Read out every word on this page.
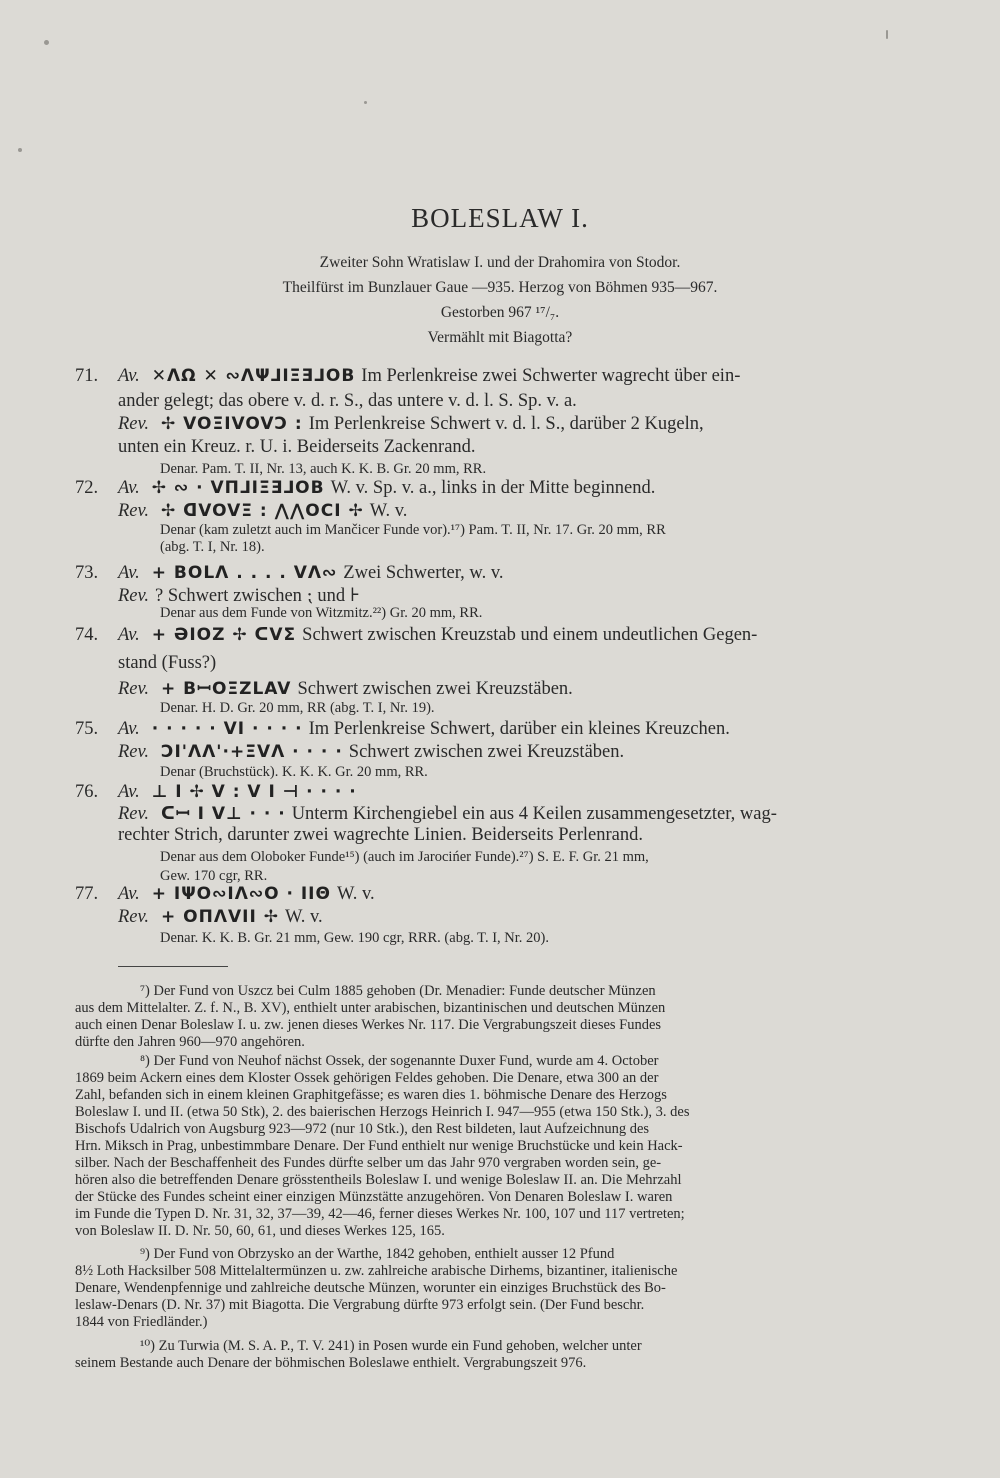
BOLESLAW I.
Zweiter Sohn Wratislaw I. und der Drahomira von Stodor.
Theilfürst im Bunzlauer Gaue —935. Herzog von Böhmen 935—967.
Gestorben 967 ¹⁷/₇.
Vermählt mit Biagotta?
71. Av. ✕ΛΩ ✕ ∾ΛΨ⅃ΙΞƎ⅃OB Im Perlenkreise zwei Schwerter wagrecht über ein-
ander gelegt; das obere v. d. r. S., das untere v. d. l. S. Sp. v. a.
Rev. ✢ VOΞΙVOVƆ : Im Perlenkreise Schwert v. d. l. S., darüber 2 Kugeln,
unten ein Kreuz. r. U. i. Beiderseits Zackenrand.
Denar. Pam. T. II, Nr. 13, auch K. K. B. Gr. 20 mm, RR.
72. Av. ✢ ∾ · VΠ⅃ΙΞƎ⅃OB W. v. Sp. v. a., links in der Mitte beginnend.
Rev. ✢ ᗡVOVΞ : ⋀⋀OCI ✢ W. v.
Denar (kam zuletzt auch im Mančicer Funde vor).¹⁷) Pam. T. II, Nr. 17. Gr. 20 mm, RR
(abg. T. I, Nr. 18).
73. Av. + BOLΛ . . . . VΛ∾ Zwei Schwerter, w. v.
Rev. ? Schwert zwischen ⁏ und ⊦
Denar aus dem Funde von Witzmitz.²²) Gr. 20 mm, RR.
74. Av. + ƏIOZ ✢ ᑕVΣ Schwert zwischen Kreuzstab und einem undeutlichen Gegen-
stand (Fuss?)
Rev. + BꟷOΞZLAV Schwert zwischen zwei Kreuzstäben.
Denar. H. D. Gr. 20 mm, RR (abg. T. I, Nr. 19).
75. Av. · · · · · VΙ · · · · Im Perlenkreise Schwert, darüber ein kleines Kreuzchen.
Rev. ƆΙ'ΛΛ'·+ΞVΛ · · · · Schwert zwischen zwei Kreuzstäben.
Denar (Bruchstück). K. K. K. Gr. 20 mm, RR.
76. Av. ⊥ I ✢ V : V I ⊣ · · · ·
Rev. ᑕꟷ I V⊥ · · · Unterm Kirchengiebel ein aus 4 Keilen zusammengesetzter, wag-
rechter Strich, darunter zwei wagrechte Linien. Beiderseits Perlenrand.
Denar aus dem Oloboker Funde¹⁵) (auch im Jarocińer Funde).²⁷) S. E. F. Gr. 21 mm,
Gew. 170 cgr, RR.
77. Av. + IΨO∾IΛ∾O · IIΘ W. v.
Rev. + OΠΛVII ✢ W. v.
Denar. K. K. B. Gr. 21 mm, Gew. 190 cgr, RRR. (abg. T. I, Nr. 20).
⁷) Der Fund von Uszcz bei Culm 1885 gehoben (Dr. Menadier: Funde deutscher Münzen
aus dem Mittelalter. Z. f. N., B. XV), enthielt unter arabischen, bizantinischen und deutschen Münzen
auch einen Denar Boleslaw I. u. zw. jenen dieses Werkes Nr. 117. Die Vergrabungszeit dieses Fundes
dürfte den Jahren 960—970 angehören.
⁸) Der Fund von Neuhof nächst Ossek, der sogenannte Duxer Fund, wurde am 4. October
1869 beim Ackern eines dem Kloster Ossek gehörigen Feldes gehoben. Die Denare, etwa 300 an der
Zahl, befanden sich in einem kleinen Graphitgefässe; es waren dies 1. böhmische Denare des Herzogs
Boleslaw I. und II. (etwa 50 Stk), 2. des baierischen Herzogs Heinrich I. 947—955 (etwa 150 Stk.), 3. des
Bischofs Udalrich von Augsburg 923—972 (nur 10 Stk.), den Rest bildeten, laut Aufzeichnung des
Hrn. Miksch in Prag, unbestimmbare Denare. Der Fund enthielt nur wenige Bruchstücke und kein Hack-
silber. Nach der Beschaffenheit des Fundes dürfte selber um das Jahr 970 vergraben worden sein, ge-
hören also die betreffenden Denare grösstentheils Boleslaw I. und wenige Boleslaw II. an. Die Mehrzahl
der Stücke des Fundes scheint einer einzigen Münzstätte anzugehören. Von Denaren Boleslaw I. waren
im Funde die Typen D. Nr. 31, 32, 37—39, 42—46, ferner dieses Werkes Nr. 100, 107 und 117 vertreten;
von Boleslaw II. D. Nr. 50, 60, 61, und dieses Werkes 125, 165.
⁹) Der Fund von Obrzysko an der Warthe, 1842 gehoben, enthielt ausser 12 Pfund
8½ Loth Hacksilber 508 Mittelaltermünzen u. zw. zahlreiche arabische Dirhems, bizantiner, italienische
Denare, Wendenpfennige und zahlreiche deutsche Münzen, worunter ein einziges Bruchstück des Bo-
leslaw-Denars (D. Nr. 37) mit Biagotta. Die Vergrabung dürfte 973 erfolgt sein. (Der Fund beschr.
1844 von Friedländer.)
¹⁰) Zu Turwia (M. S. A. P., T. V. 241) in Posen wurde ein Fund gehoben, welcher unter
seinem Bestande auch Denare der böhmischen Boleslawe enthielt. Vergrabungszeit 976.
